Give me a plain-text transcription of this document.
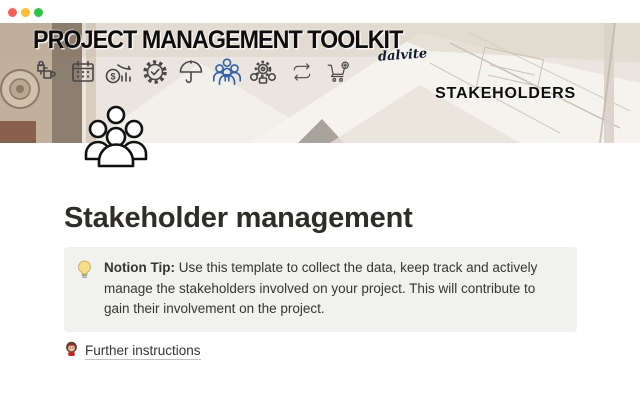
PROJECT MANAGEMENT TOOLKIT
dalvite
$
STAKEHOLDERS
Stakeholder management

Notion Tip: Use this template to collect the data, keep track and actively manage the stakeholders involved on your project. This will contribute to gain their involvement on the project.

Further instructions
